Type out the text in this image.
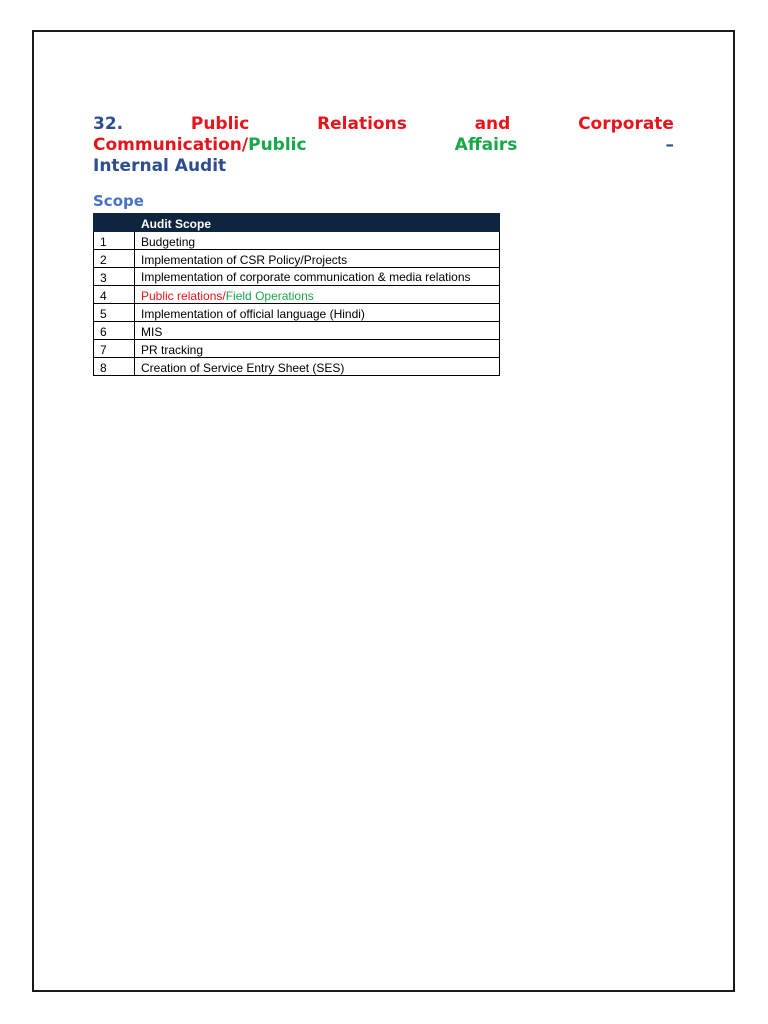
32.	Public	Relations	and	Corporate
Communication/Public	Affairs	–
Internal Audit
Scope
	Audit Scope
1	Budgeting
2	Implementation of CSR Policy/Projects
3	Implementation of corporate communication & media relations
4	Public relations/Field Operations
5	Implementation of official language (Hindi)
6	MIS
7	PR tracking
8	Creation of Service Entry Sheet (SES)
